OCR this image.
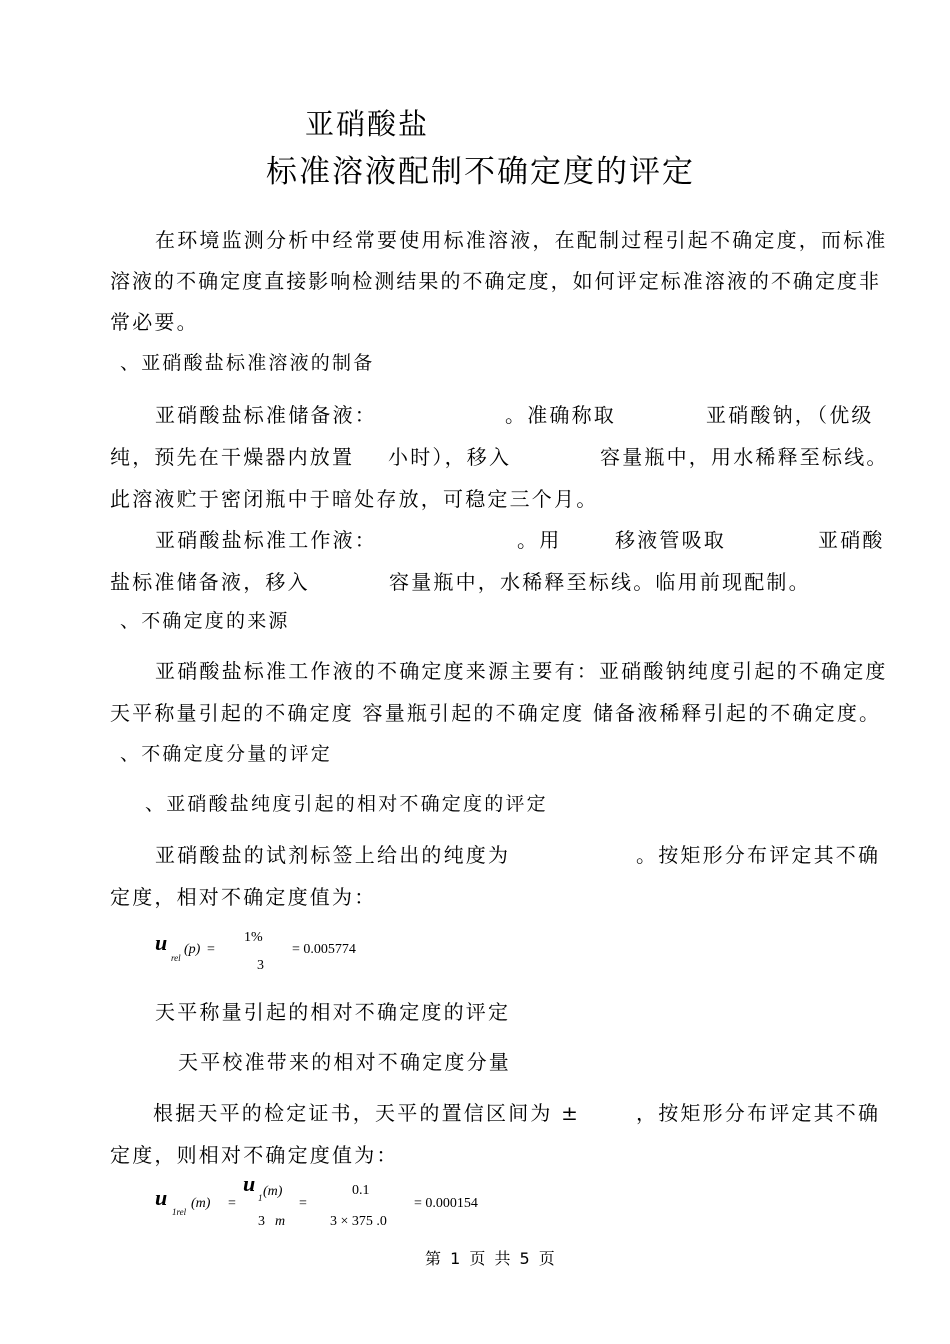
亚硝酸盐
标准溶液配制不确定度的评定
在环境监测分析中经常要使用标准溶液，在配制过程引起不确定度，而标准
溶液的不确定度直接影响检测结果的不确定度，如何评定标准溶液的不确定度非
常必要。
、亚硝酸盐标准溶液的制备
亚硝酸盐标准储备液：	。准确称取	亚硝酸钠，（优级
纯，预先在干燥器内放置 小时），移入	容量瓶中，用水稀释至标线。
此溶液贮于密闭瓶中于暗处存放，可稳定三个月。
亚硝酸盐标准工作液：	。用	移液管吸取	亚硝酸
盐标准储备液，移入	容量瓶中，水稀释至标线。临用前现配制。
、不确定度的来源
亚硝酸盐标准工作液的不确定度来源主要有：亚硝酸钠纯度引起的不确定度
天平称量引起的不确定度 容量瓶引起的不确定度 储备液稀释引起的不确定度。
、不确定度分量的评定
、亚硝酸盐纯度引起的相对不确定度的评定
亚硝酸盐的试剂标签上给出的纯度为	。按矩形分布评定其不确
定度，相对不确定度值为：
u
rel
(p) =
1%
3
= 0.005774
天平称量引起的相对不确定度的评定
天平校准带来的相对不确定度分量
根据天平的检定证书，天平的置信区间为 ±	，按矩形分布评定其不确
定度，则相对不确定度值为：
u
1rel
(m) =
u
1 (m)
3 m
=
0.1
3 × 375 .0
= 0.000154
第 1 页 共 5 页
